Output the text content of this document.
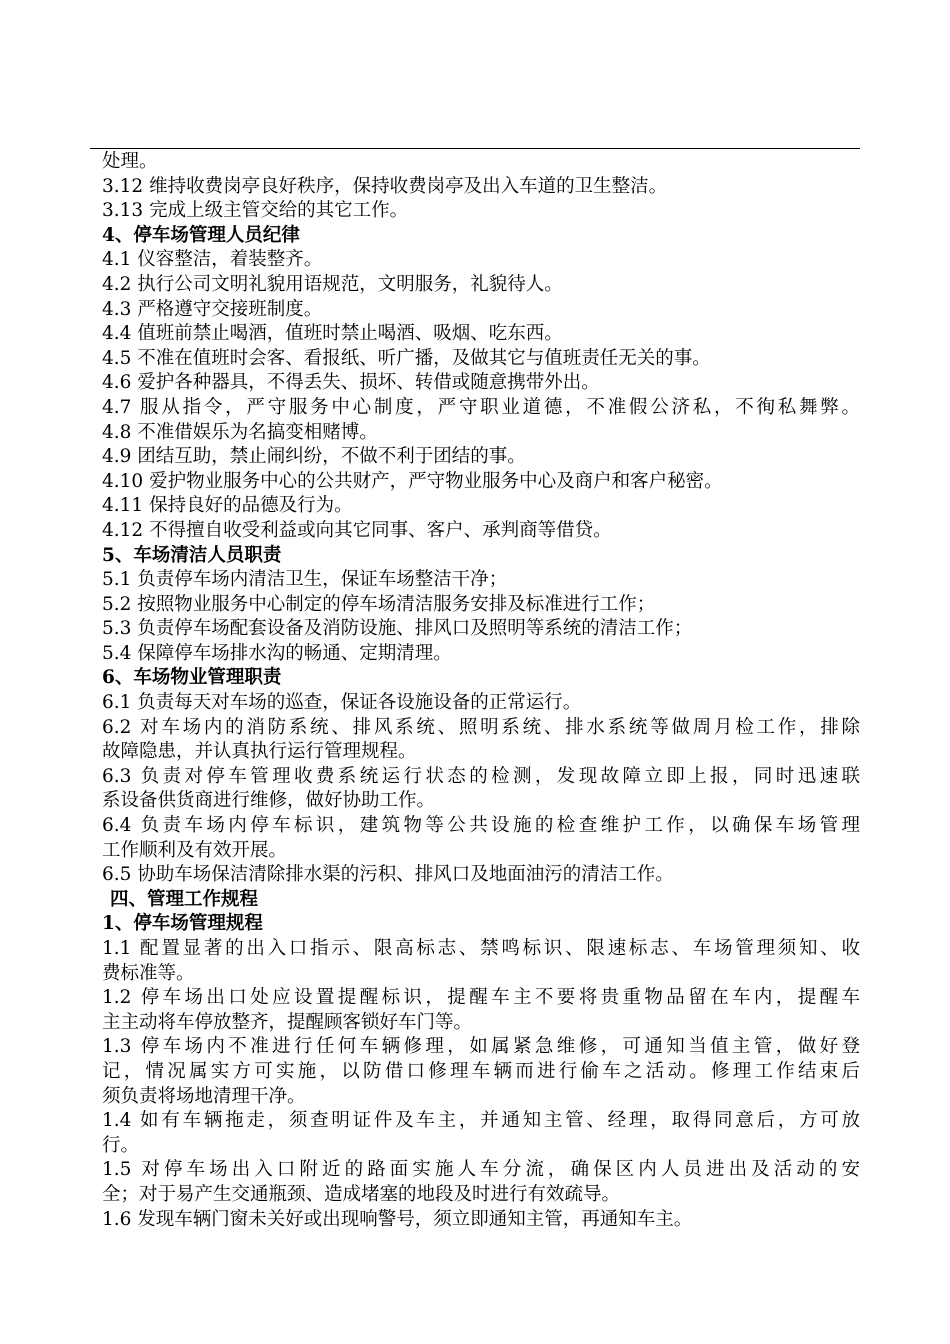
处理。
3.12 维持收费岗亭良好秩序，保持收费岗亭及出入车道的卫生整洁。
3.13 完成上级主管交给的其它工作。
4、停车场管理人员纪律
4.1 仪容整洁，着装整齐。
4.2 执行公司文明礼貌用语规范，文明服务，礼貌待人。
4.3 严格遵守交接班制度。
4.4 值班前禁止喝酒，值班时禁止喝酒、吸烟、吃东西。
4.5 不准在值班时会客、看报纸、听广播，及做其它与值班责任无关的事。
4.6 爱护各种器具，不得丢失、损坏、转借或随意携带外出。
4.7 服从指令，严守服务中心制度，严守职业道德，不准假公济私，不徇私舞弊。
4.8 不准借娱乐为名搞变相赌博。
4.9 团结互助，禁止闹纠纷，不做不利于团结的事。
4.10 爱护物业服务中心的公共财产，严守物业服务中心及商户和客户秘密。
4.11 保持良好的品德及行为。
4.12 不得擅自收受利益或向其它同事、客户、承判商等借贷。
5、车场清洁人员职责
5.1 负责停车场内清洁卫生，保证车场整洁干净；
5.2 按照物业服务中心制定的停车场清洁服务安排及标准进行工作；
5.3 负责停车场配套设备及消防设施、排风口及照明等系统的清洁工作；
5.4 保障停车场排水沟的畅通、定期清理。
6、车场物业管理职责
6.1 负责每天对车场的巡查，保证各设施设备的正常运行。
6.2 对车场内的消防系统、排风系统、照明系统、排水系统等做周月检工作，排除
故障隐患，并认真执行运行管理规程。
6.3 负责对停车管理收费系统运行状态的检测，发现故障立即上报，同时迅速联
系设备供货商进行维修，做好协助工作。
6.4 负责车场内停车标识，建筑物等公共设施的检查维护工作，以确保车场管理
工作顺利及有效开展。
6.5 协助车场保洁清除排水渠的污积、排风口及地面油污的清洁工作。
四、管理工作规程
1、停车场管理规程
1.1 配置显著的出入口指示、限高标志、禁鸣标识、限速标志、车场管理须知、收
费标准等。
1.2 停车场出口处应设置提醒标识，提醒车主不要将贵重物品留在车内，提醒车
主主动将车停放整齐，提醒顾客锁好车门等。
1.3 停车场内不准进行任何车辆修理，如属紧急维修，可通知当值主管，做好登
记，情况属实方可实施，以防借口修理车辆而进行偷车之活动。修理工作结束后
须负责将场地清理干净。
1.4 如有车辆拖走，须查明证件及车主，并通知主管、经理，取得同意后，方可放
行。
1.5 对停车场出入口附近的路面实施人车分流，确保区内人员进出及活动的安
全；对于易产生交通瓶颈、造成堵塞的地段及时进行有效疏导。
1.6 发现车辆门窗未关好或出现响警号，须立即通知主管，再通知车主。
